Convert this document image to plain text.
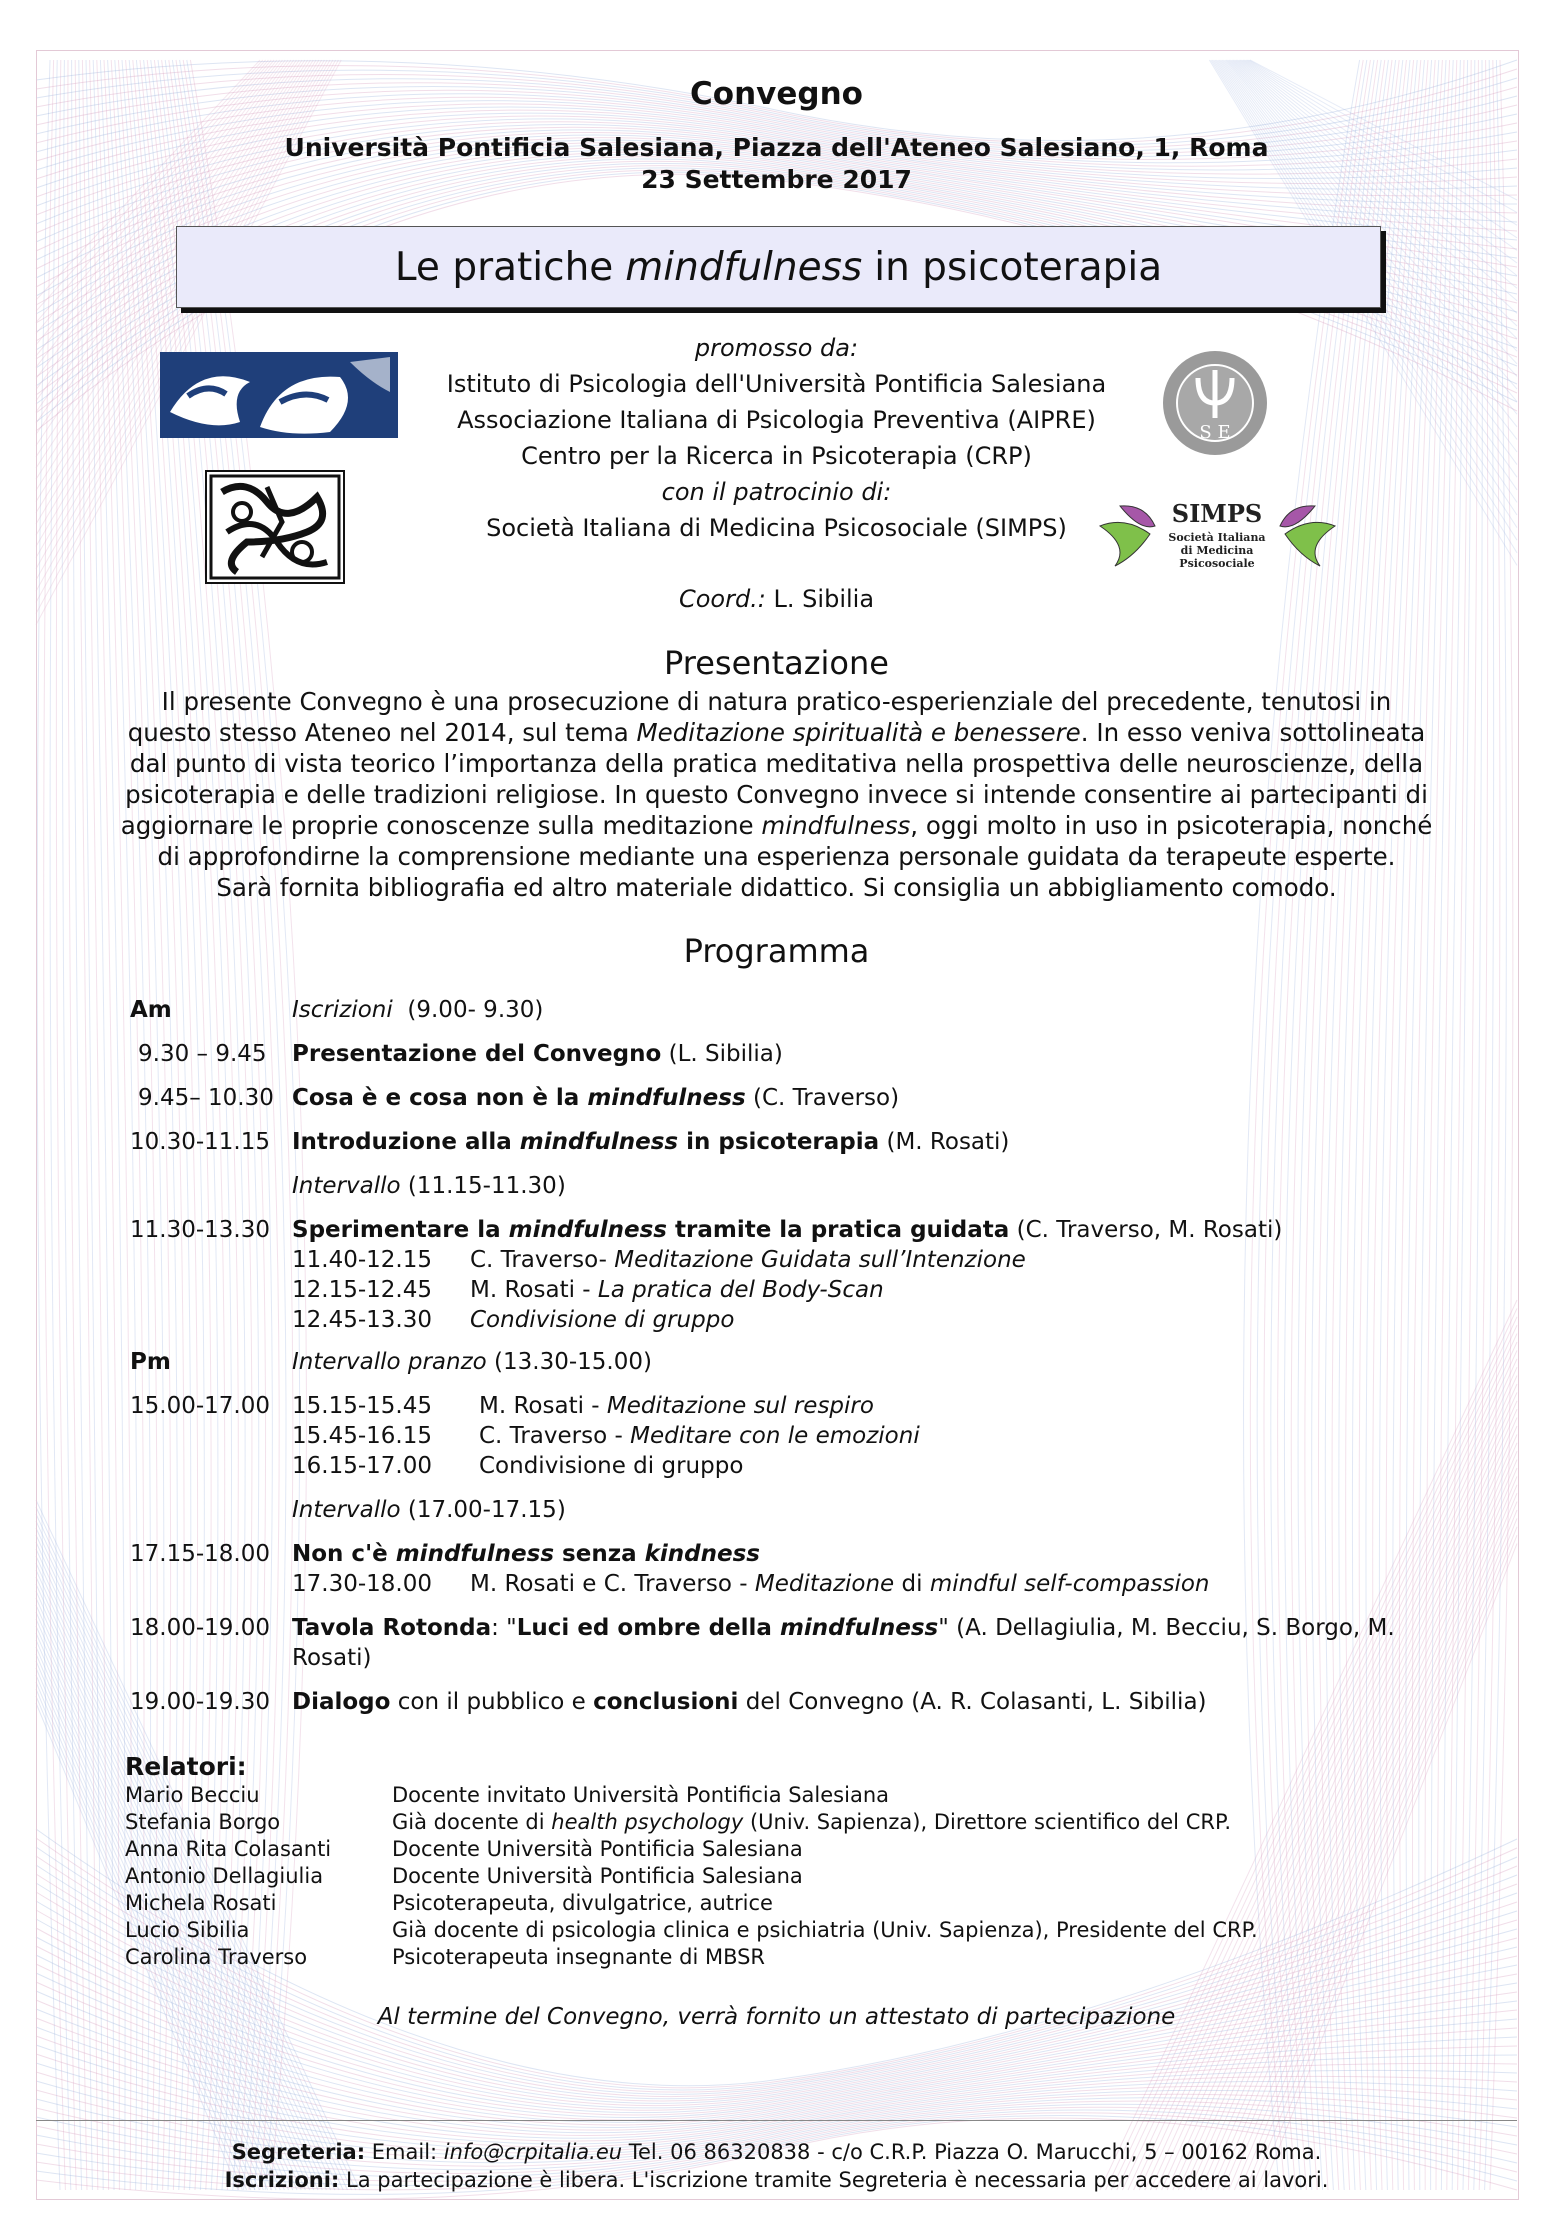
Convegno
Università Pontificia Salesiana, Piazza dell'Ateneo Salesiano, 1, Roma
23 Settembre 2017
Le pratiche mindfulness in psicoterapia
S E
SIMPS
Società Italiana
di Medicina
Psicosociale
promosso da:
Istituto di Psicologia dell'Università Pontificia Salesiana
Associazione Italiana di Psicologia Preventiva (AIPRE)
Centro per la Ricerca in Psicoterapia (CRP)
con il patrocinio di:
Società Italiana di Medicina Psicosociale (SIMPS)
Coord.: L. Sibilia
Presentazione
Il presente Convegno è una prosecuzione di natura pratico-esperienziale del precedente, tenutosi in questo stesso Ateneo nel 2014, sul tema Meditazione spiritualità e benessere. In esso veniva sottolineata dal punto di vista teorico l’importanza della pratica meditativa nella prospettiva delle neuroscienze, della psicoterapia e delle tradizioni religiose. In questo Convegno invece si intende consentire ai partecipanti di aggiornare le proprie conoscenze sulla meditazione mindfulness, oggi molto in uso in psicoterapia, nonché di approfondirne la comprensione mediante una esperienza personale guidata da terapeute esperte.
Sarà fornita bibliografia ed altro materiale didattico. Si consiglia un abbigliamento comodo.
Programma
Am	Iscrizioni (9.00- 9.30)
9.30 – 9.45 Presentazione del Convegno (L. Sibilia)
9.45– 10.30 Cosa è e cosa non è la mindfulness (C. Traverso)
10.30-11.15 Introduzione alla mindfulness in psicoterapia (M. Rosati)
Intervallo (11.15-11.30)
11.30-13.30 Sperimentare la mindfulness tramite la pratica guidata (C. Traverso, M. Rosati)
11.40-12.15 C. Traverso- Meditazione Guidata sull’Intenzione
12.15-12.45 M. Rosati - La pratica del Body-Scan
12.45-13.30 Condivisione di gruppo
Pm	Intervallo pranzo (13.30-15.00)
15.00-17.00 15.15-15.45 M. Rosati - Meditazione sul respiro
15.45-16.15 C. Traverso - Meditare con le emozioni
16.15-17.00 Condivisione di gruppo
Intervallo (17.00-17.15)
17.15-18.00 Non c'è mindfulness senza kindness
17.30-18.00 M. Rosati e C. Traverso - Meditazione di mindful self-compassion
18.00-19.00 Tavola Rotonda: "Luci ed ombre della mindfulness" (A. Dellagiulia, M. Becciu, S. Borgo, M.
Rosati)
19.00-19.30 Dialogo con il pubblico e conclusioni del Convegno (A. R. Colasanti, L. Sibilia)
Relatori:
Mario Becciu	Docente invitato Università Pontificia Salesiana
Stefania Borgo	Già docente di health psychology (Univ. Sapienza), Direttore scientifico del CRP.
Anna Rita Colasanti	Docente Università Pontificia Salesiana
Antonio Dellagiulia	Docente Università Pontificia Salesiana
Michela Rosati	Psicoterapeuta, divulgatrice, autrice
Lucio Sibilia	Già docente di psicologia clinica e psichiatria (Univ. Sapienza), Presidente del CRP.
Carolina Traverso	Psicoterapeuta insegnante di MBSR
Al termine del Convegno, verrà fornito un attestato di partecipazione
Segreteria: Email: info@crpitalia.eu Tel. 06 86320838 - c/o C.R.P. Piazza O. Marucchi, 5 – 00162 Roma.
Iscrizioni: La partecipazione è libera. L'iscrizione tramite Segreteria è necessaria per accedere ai lavori.
